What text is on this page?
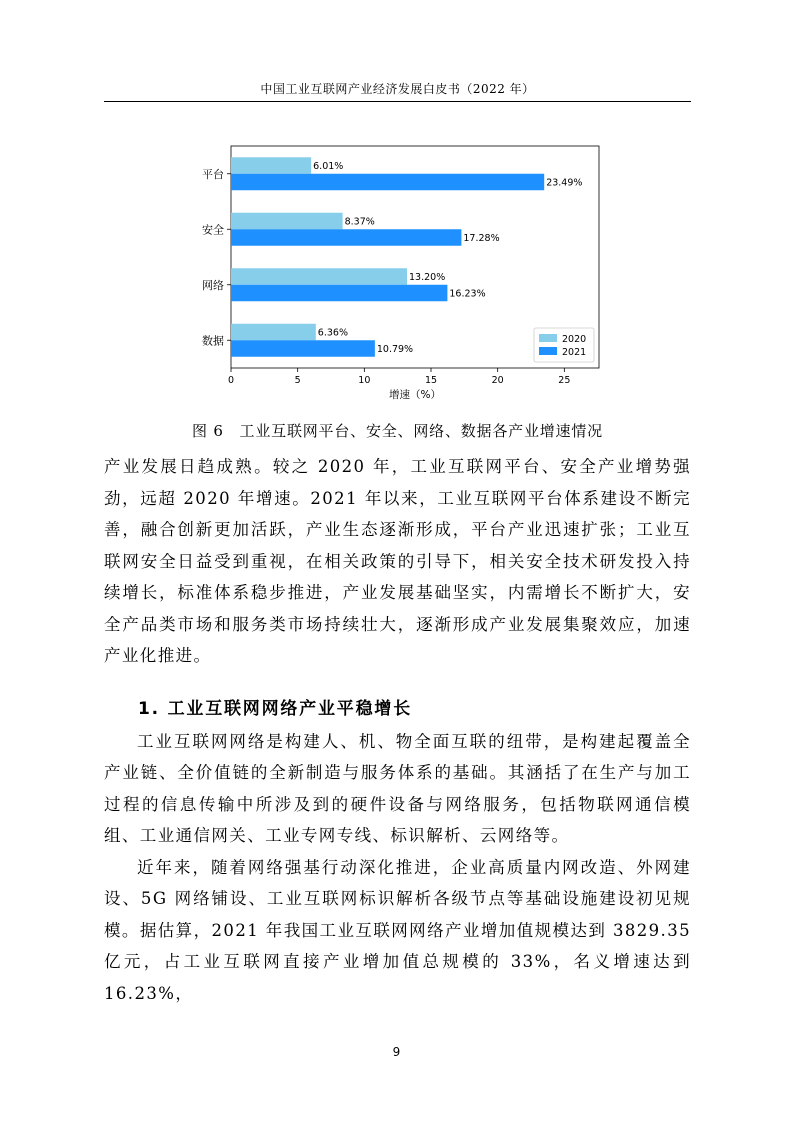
中国工业互联网产业经济发展白皮书（2022 年）
平台
6.01%
23.49%
安全
8.37%
17.28%
网络
13.20%
16.23%
数据
6.36%
10.79%
0	5	10	15	20	25
增速（%）
2020
2021
图 6　工业互联网平台、安全、网络、数据各产业增速情况

产业发展日趋成熟。较之 2020 年，工业互联网平台、安全产业增势强劲，远超 2020 年增速。2021 年以来，工业互联网平台体系建设不断完善，融合创新更加活跃，产业生态逐渐形成，平台产业迅速扩张；工业互联网安全日益受到重视，在相关政策的引导下，相关安全技术研发投入持续增长，标准体系稳步推进，产业发展基础坚实，内需增长不断扩大，安全产品类市场和服务类市场持续壮大，逐渐形成产业发展集聚效应，加速产业化推进。

1. 工业互联网网络产业平稳增长

工业互联网网络是构建人、机、物全面互联的纽带，是构建起覆盖全产业链、全价值链的全新制造与服务体系的基础。其涵括了在生产与加工过程的信息传输中所涉及到的硬件设备与网络服务，包括物联网通信模组、工业通信网关、工业专网专线、标识解析、云网络等。

近年来，随着网络强基行动深化推进，企业高质量内网改造、外网建设、5G 网络铺设、工业互联网标识解析各级节点等基础设施建设初见规模。据估算，2021 年我国工业互联网网络产业增加值规模达到 3829.35 亿元，占工业互联网直接产业增加值总规模的 33%，名义增速达到 16.23%，

9
